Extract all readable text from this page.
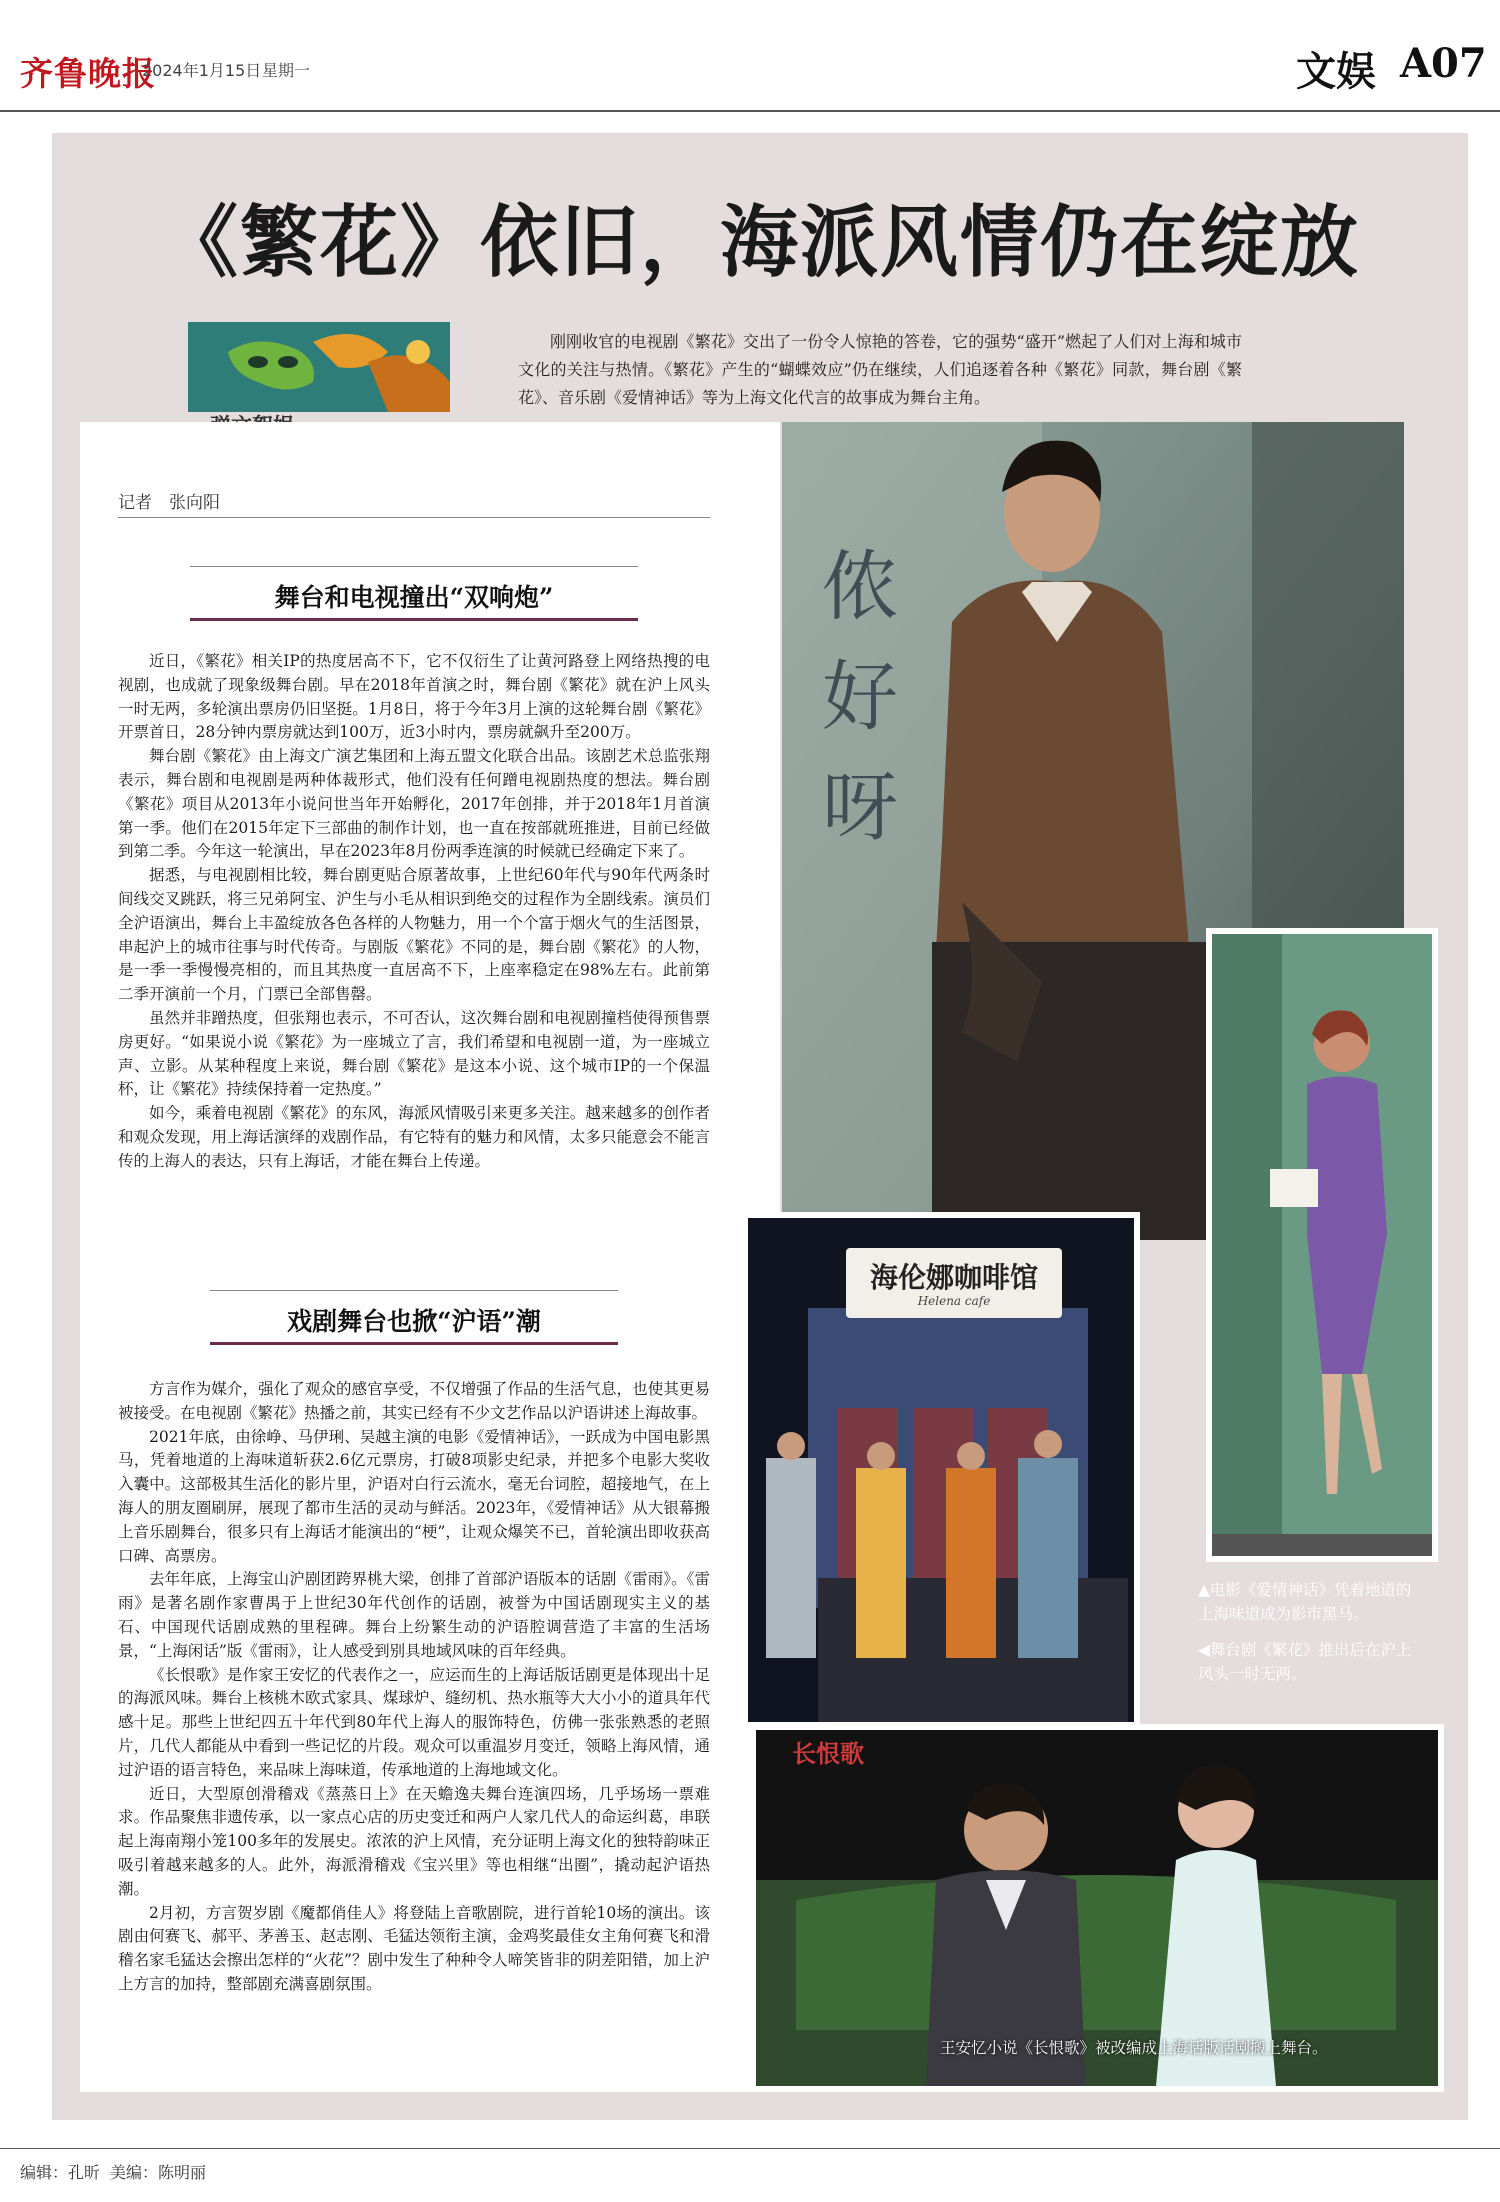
齐鲁晚报
2024年1月15日 星期一	文娱 A07
《繁花》依旧，海派风情仍在绽放
刚刚收官的电视剧《繁花》交出了一份令人惊艳的答卷，它的强势“盛开”燃起了人们对上海和城市文化的关注与热情。《繁花》产生的“蝴蝶效应”仍在继续，人们追逐着各种《繁花》同款，舞台剧《繁花》、音乐剧《爱情神话》等为上海文化代言的故事成为舞台主角。
记者　张向阳
舞台和电视撞出“双响炮”

近日，《繁花》相关IP的热度居高不下，它不仅衍生了让黄河路登上网络热搜的电视剧，也成就了现象级舞台剧。早在2018年首演之时，舞台剧《繁花》就在沪上风头一时无两，多轮演出票房仍旧坚挺。1月8日，将于今年3月上演的这轮舞台剧《繁花》开票首日，28分钟内票房就达到100万，近3小时内，票房就飙升至200万。

舞台剧《繁花》由上海文广演艺集团和上海五盟文化联合出品。该剧艺术总监张翔表示，舞台剧和电视剧是两种体裁形式，他们没有任何蹭电视剧热度的想法。舞台剧《繁花》项目从2013年小说问世当年开始孵化，2017年创排，并于2018年1月首演第一季。他们在2015年定下三部曲的制作计划，也一直在按部就班推进，目前已经做到第二季。今年这一轮演出，早在2023年8月份两季连演的时候就已经确定下来了。

据悉，与电视剧相比较，舞台剧更贴合原著故事，上世纪60年代与90年代两条时间线交叉跳跃，将三兄弟阿宝、沪生与小毛从相识到绝交的过程作为全剧线索。演员们全沪语演出，舞台上丰盈绽放各色各样的人物魅力，用一个个富于烟火气的生活图景，串起沪上的城市往事与时代传奇。与剧版《繁花》不同的是，舞台剧《繁花》的人物，是一季一季慢慢亮相的，而且其热度一直居高不下，上座率稳定在98%左右。此前第二季开演前一个月，门票已全部售罄。

虽然并非蹭热度，但张翔也表示，不可否认，这次舞台剧和电视剧撞档使得预售票房更好。“如果说小说《繁花》为一座城立了言，我们希望和电视剧一道，为一座城立声、立影。从某种程度上来说，舞台剧《繁花》是这本小说、这个城市IP的一个保温杯，让《繁花》持续保持着一定热度。”

如今，乘着电视剧《繁花》的东风，海派风情吸引来更多关注。越来越多的创作者和观众发现，用上海话演绎的戏剧作品，有它特有的魅力和风情，太多只能意会不能言传的上海人的表达，只有上海话，才能在舞台上传递。

戏剧舞台也掀“沪语”潮

方言作为媒介，强化了观众的感官享受，不仅增强了作品的生活气息，也使其更易被接受。在电视剧《繁花》热播之前，其实已经有不少文艺作品以沪语讲述上海故事。

2021年底，由徐峥、马伊琍、吴越主演的电影《爱情神话》，一跃成为中国电影黑马，凭着地道的上海味道斩获2.6亿元票房，打破8项影史纪录，并把多个电影大奖收入囊中。这部极其生活化的影片里，沪语对白行云流水，毫无台词腔，超接地气，在上海人的朋友圈刷屏，展现了都市生活的灵动与鲜活。2023年，《爱情神话》从大银幕搬上音乐剧舞台，很多只有上海话才能演出的“梗”，让观众爆笑不已，首轮演出即收获高口碑、高票房。

去年年底，上海宝山沪剧团跨界桃大梁，创排了首部沪语版本的话剧《雷雨》。《雷雨》是著名剧作家曹禺于上世纪30年代创作的话剧，被誉为中国话剧现实主义的基石、中国现代话剧成熟的里程碑。舞台上纷繁生动的沪语腔调营造了丰富的生活场景，“上海闲话”版《雷雨》，让人感受到别具地域风味的百年经典。

《长恨歌》是作家王安忆的代表作之一，应运而生的上海话版话剧更是体现出十足的海派风味。舞台上核桃木欧式家具、煤球炉、缝纫机、热水瓶等大大小小的道具年代感十足。那些上世纪四五十年代到80年代上海人的服饰特色，仿佛一张张熟悉的老照片，几代人都能从中看到一些记忆的片段。观众可以重温岁月变迁，领略上海风情，通过沪语的语言特色，来品味上海味道，传承地道的上海地域文化。

近日，大型原创滑稽戏《蒸蒸日上》在天蟾逸夫舞台连演四场，几乎场场一票难求。作品聚焦非遗传承，以一家点心店的历史变迁和两户人家几代人的命运纠葛，串联起上海南翔小笼100多年的发展史。浓浓的沪上风情，充分证明上海文化的独特韵味正吸引着越来越多的人。此外，海派滑稽戏《宝兴里》等也相继“出圈”，撬动起沪语热潮。

2月初，方言贺岁剧《魔都俏佳人》将登陆上音歌剧院，进行首轮10场的演出。该剧由何赛飞、郝平、茅善玉、赵志刚、毛猛达领衔主演，金鸡奖最佳女主角何赛飞和滑稽名家毛猛达会擦出怎样的“火花”？剧中发生了种种令人啼笑皆非的阴差阳错，加上沪上方言的加持，整部剧充满喜剧氛围。

侬好呀
海伦娜咖啡馆
Helena cafe
▲电影《爱情神话》凭着地道的上海味道成为影市黑马。
◀舞台剧《繁花》推出后在沪上风头一时无两。
长恨歌
王安忆小说《长恨歌》被改编成上海话版话剧搬上舞台。
编辑：孔昕 美编：陈明丽
